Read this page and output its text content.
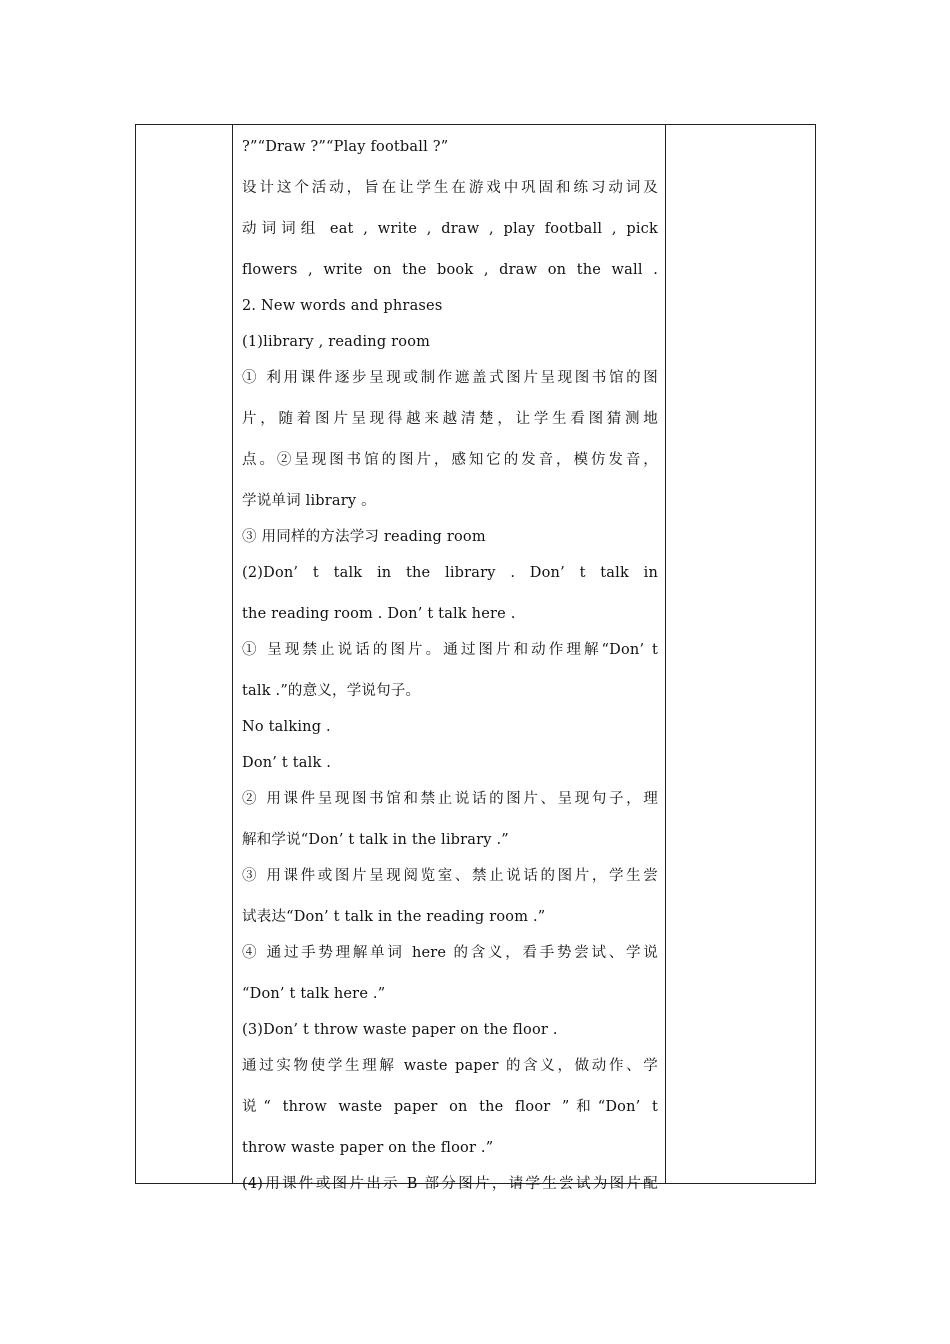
?”“Draw ?”“Play football ?”
设计这个活动，旨在让学生在游戏中巩固和练习动词及
动词词组 eat , write , draw , play football , pick
flowers , write on the book , draw on the wall .
2. New words and phrases
(1)library , reading room
① 利用课件逐步呈现或制作遮盖式图片呈现图书馆的图
片，随着图片呈现得越来越清楚，让学生看图猜测地
点。②呈现图书馆的图片，感知它的发音，模仿发音，
学说单词 library 。
③ 用同样的方法学习 reading room
(2)Don’ t talk in the library . Don’ t talk in
the reading room . Don’ t talk here .
① 呈现禁止说话的图片。通过图片和动作理解“Don’ t
talk .”的意义，学说句子。
No talking .
Don’ t talk .
② 用课件呈现图书馆和禁止说话的图片、呈现句子，理
解和学说“Don’ t talk in the library .”
③ 用课件或图片呈现阅览室、禁止说话的图片，学生尝
试表达“Don’ t talk in the reading room .”
④ 通过手势理解单词 here 的含义，看手势尝试、学说
“Don’ t talk here .”
(3)Don’ t throw waste paper on the floor .
通过实物使学生理解 waste paper 的含义，做动作、学
说“ throw waste paper on the floor ”和“Don’ t
throw waste paper on the floor .”
(4)用课件或图片出示 B 部分图片，请学生尝试为图片配
